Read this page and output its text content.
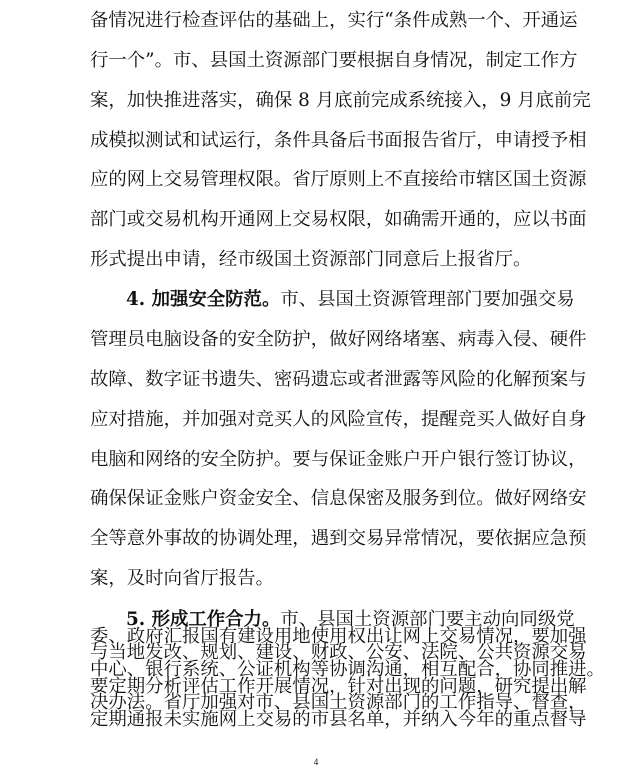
备情况进行检查评估的基础上，实行“条件成熟一个、开通运
行一个”。市、县国土资源部门要根据自身情况，制定工作方
案，加快推进落实，确保 8 月底前完成系统接入，9 月底前完
成模拟测试和试运行，条件具备后书面报告省厅，申请授予相
应的网上交易管理权限。省厅原则上不直接给市辖区国土资源
部门或交易机构开通网上交易权限，如确需开通的，应以书面
形式提出申请，经市级国土资源部门同意后上报省厅。
4. 加强安全防范。市、县国土资源管理部门要加强交易
管理员电脑设备的安全防护，做好网络堵塞、病毒入侵、硬件
故障、数字证书遗失、密码遗忘或者泄露等风险的化解预案与
应对措施，并加强对竞买人的风险宣传，提醒竞买人做好自身
电脑和网络的安全防护。要与保证金账户开户银行签订协议，
确保保证金账户资金安全、信息保密及服务到位。做好网络安
全等意外事故的协调处理，遇到交易异常情况，要依据应急预
案，及时向省厅报告。
5. 形成工作合力。市、县国土资源部门要主动向同级党
4
委、政府汇报国有建设用地使用权出让网上交易情况，要加强
与当地发改、规划、建设、财政、公安、法院、公共资源交易
中心、银行系统、公证机构等协调沟通，相互配合，协同推进。
要定期分析评估工作开展情况，针对出现的问题，研究提出解
决办法。省厅加强对市、县国土资源部门的工作指导、督查，
定期通报未实施网上交易的市县名单，并纳入今年的重点督导
